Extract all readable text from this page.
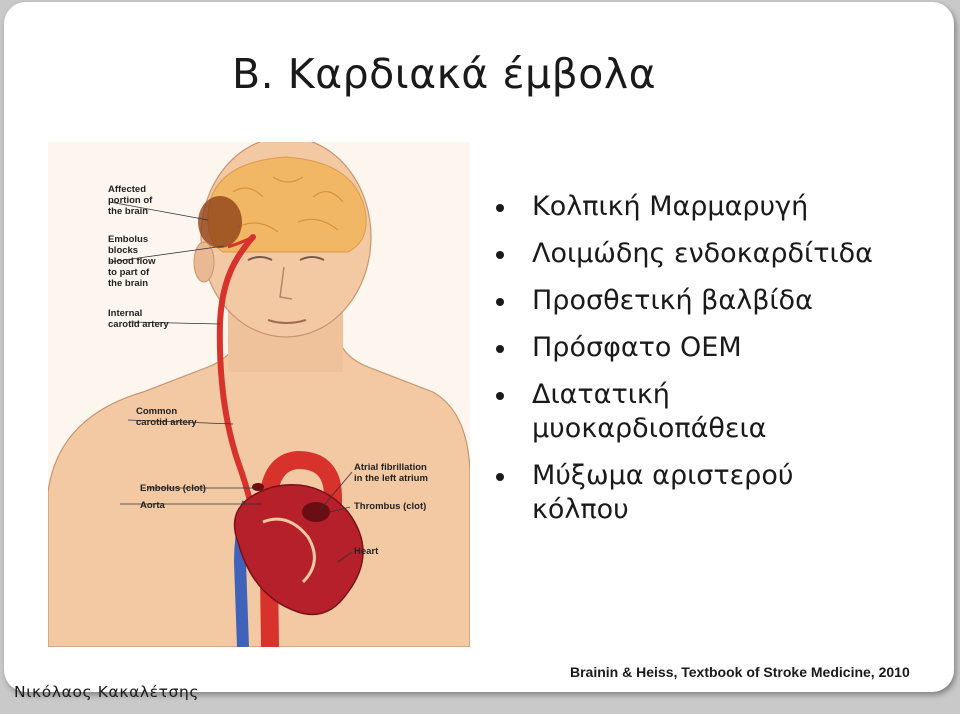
B. Καρδιακά έμβολα
Affected
portion of
the brain
Embolus
blocks
blood flow
to part of
the brain
Internal
carotid artery
Common
carotid artery
Embolus (clot)
Aorta
Atrial fibrillation
in the left atrium
Thrombus (clot)
Heart
Κολπική Μαρμαρυγή
Λοιμώδης ενδοκαρδίτιδα
Προσθετική βαλβίδα
Πρόσφατο ΟΕΜ
Διατατική μυοκαρδιοπάθεια
Μύξωμα αριστερού κόλπου
Brainin & Heiss, Textbook of Stroke Medicine, 2010
Νικόλαος Κακαλέτσης
